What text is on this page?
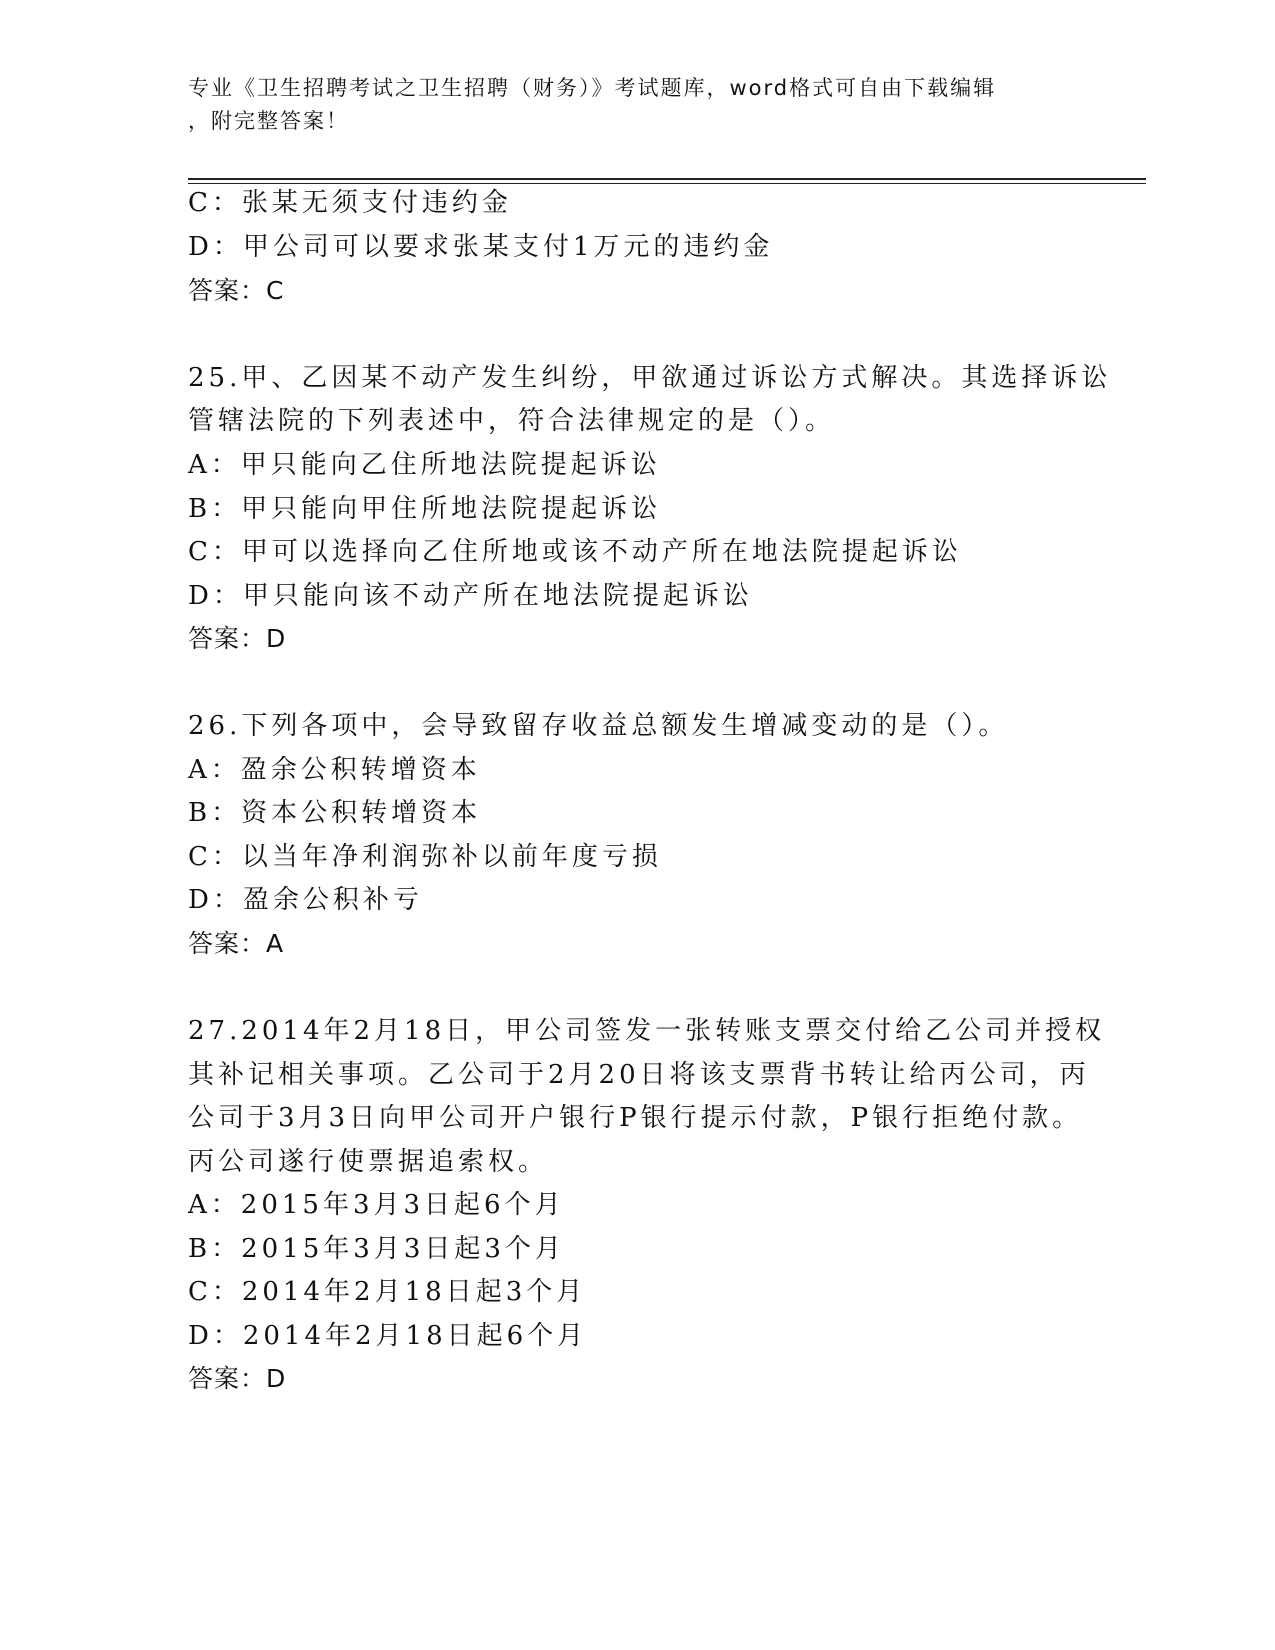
专业《卫生招聘考试之卫生招聘（财务）》考试题库，word格式可自由下载编辑
，附完整答案！
C：张某无须支付违约金
D：甲公司可以要求张某支付1万元的违约金
答案：C
25.甲、乙因某不动产发生纠纷，甲欲通过诉讼方式解决。其选择诉讼
管辖法院的下列表述中，符合法律规定的是（）。
A：甲只能向乙住所地法院提起诉讼
B：甲只能向甲住所地法院提起诉讼
C：甲可以选择向乙住所地或该不动产所在地法院提起诉讼
D：甲只能向该不动产所在地法院提起诉讼
答案：D
26.下列各项中，会导致留存收益总额发生增减变动的是（）。
A：盈余公积转增资本
B：资本公积转增资本
C：以当年净利润弥补以前年度亏损
D：盈余公积补亏
答案：A
27.2014年2月18日，甲公司签发一张转账支票交付给乙公司并授权
其补记相关事项。乙公司于2月20日将该支票背书转让给丙公司，丙
公司于3月3日向甲公司开户银行P银行提示付款，P银行拒绝付款。
丙公司遂行使票据追索权。
A：2015年3月3日起6个月
B：2015年3月3日起3个月
C：2014年2月18日起3个月
D：2014年2月18日起6个月
答案：D
